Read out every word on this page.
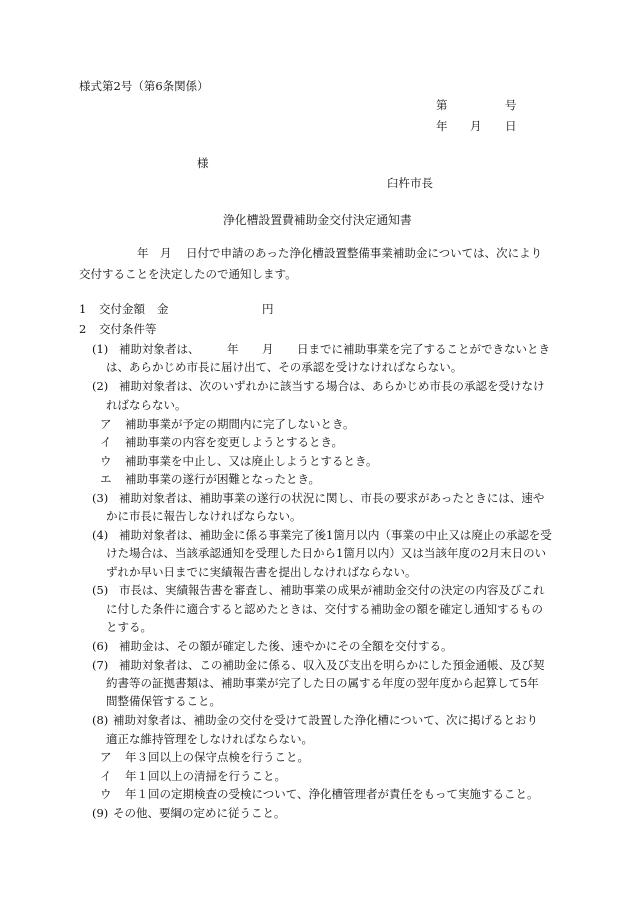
様式第2号（第6条関係）
第	号
年 月 日
様
臼杵市長
浄化槽設置費補助金交付決定通知書
年 月 日付で申請のあった浄化槽設置整備事業補助金については、次により
交付することを決定したので通知します。
1 交付金額 金	円
2 交付条件等
(1) 補助対象者は、 年 月 日までに補助事業を完了することができないとき
は、あらかじめ市長に届け出て、その承認を受けなければならない。
(2) 補助対象者は、次のいずれかに該当する場合は、あらかじめ市長の承認を受けなけ
ればならない。
ア 補助事業が予定の期間内に完了しないとき。
イ 補助事業の内容を変更しようとするとき。
ウ 補助事業を中止し、又は廃止しようとするとき。
エ 補助事業の遂行が困難となったとき。
(3) 補助対象者は、補助事業の遂行の状況に関し、市長の要求があったときには、速や
かに市長に報告しなければならない。
(4) 補助対象者は、補助金に係る事業完了後1箇月以内（事業の中止又は廃止の承認を受
けた場合は、当該承認通知を受理した日から1箇月以内）又は当該年度の2月末日のい
ずれか早い日までに実績報告書を提出しなければならない。
(5) 市長は、実績報告書を審査し、補助事業の成果が補助金交付の決定の内容及びこれ
に付した条件に適合すると認めたときは、交付する補助金の額を確定し通知するもの
とする。
(6) 補助金は、その額が確定した後、速やかにその全額を交付する。
(7) 補助対象者は、この補助金に係る、収入及び支出を明らかにした預金通帳、及び契
約書等の証拠書類は、補助事業が完了した日の属する年度の翌年度から起算して5年
間整備保管すること。
(8) 補助対象者は、補助金の交付を受けて設置した浄化槽について、次に掲げるとおり
適正な維持管理をしなければならない。
ア 年３回以上の保守点検を行うこと。
イ 年１回以上の清掃を行うこと。
ウ 年１回の定期検査の受検について、浄化槽管理者が責任をもって実施すること。
(9) その他、要綱の定めに従うこと。
